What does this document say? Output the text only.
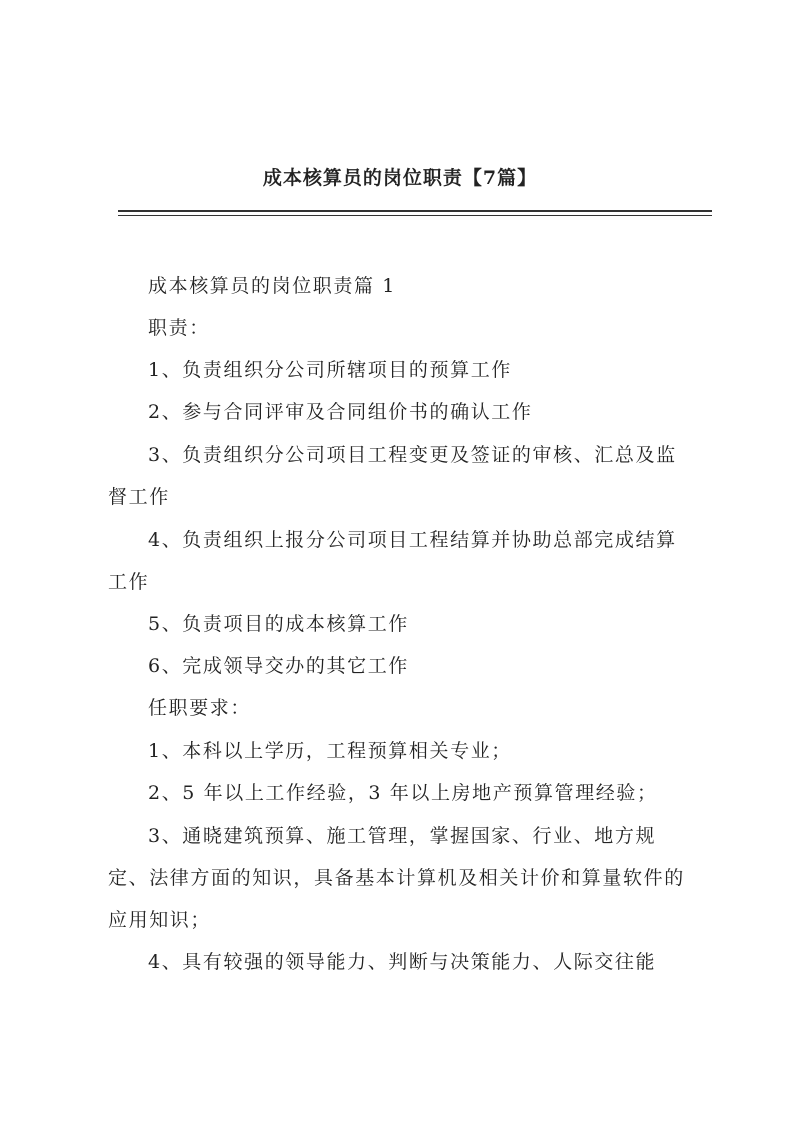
成本核算员的岗位职责【7篇】

成本核算员的岗位职责篇 1

职责：

1、负责组织分公司所辖项目的预算工作

2、参与合同评审及合同组价书的确认工作

3、负责组织分公司项目工程变更及签证的审核、汇总及监

督工作

4、负责组织上报分公司项目工程结算并协助总部完成结算

工作

5、负责项目的成本核算工作

6、完成领导交办的其它工作

任职要求：

1、本科以上学历，工程预算相关专业；

2、5 年以上工作经验，3 年以上房地产预算管理经验；

3、通晓建筑预算、施工管理，掌握国家、行业、地方规

定、法律方面的知识，具备基本计算机及相关计价和算量软件的

应用知识；

4、具有较强的领导能力、判断与决策能力、人际交往能
